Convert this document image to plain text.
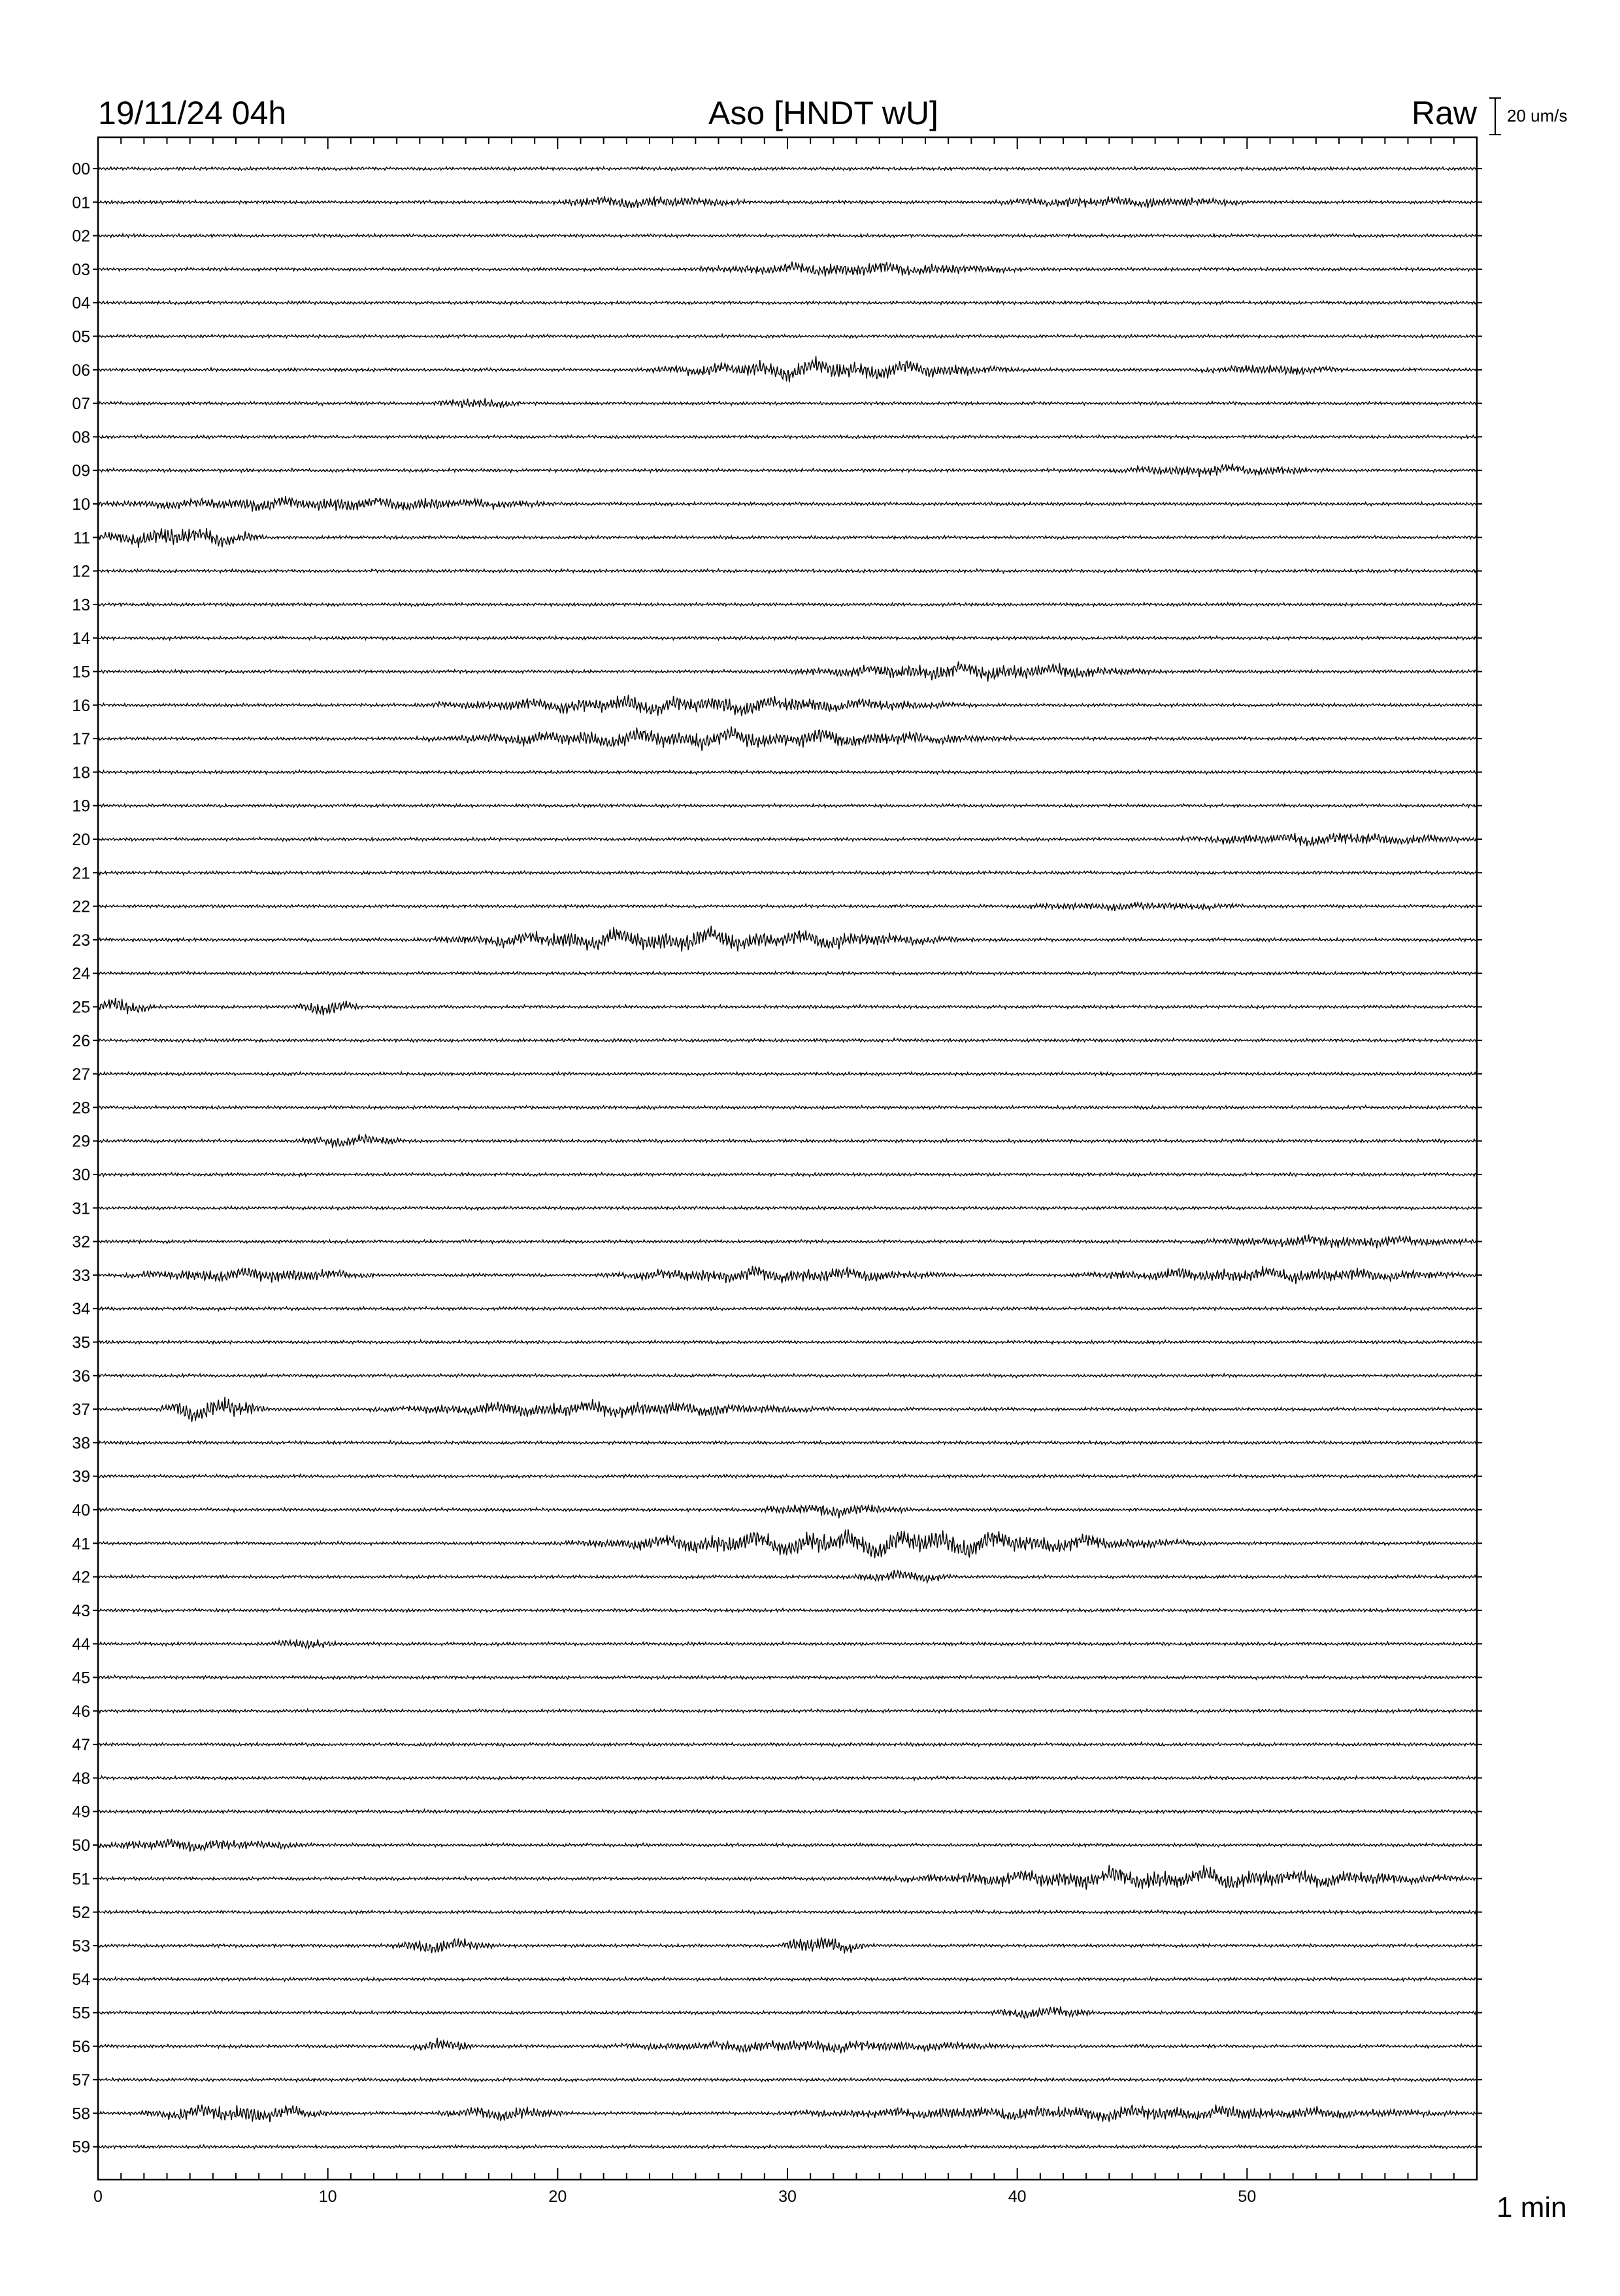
19/11/24 04h	Aso [HNDT wU]	Raw 20 um/s
00
01
02
03
04
05
06
07
08
09
10
11
12
13
14
15
16
17
18
19
20
21
22
23
24
25
26
27
28
29
30
31
32
33
34
35
36
37
38
39
40
41
42
43
44
45
46
47
48
49
50
51
52
53
54
55
56
57
58
59
0	10	20	30	40	50	1 min
